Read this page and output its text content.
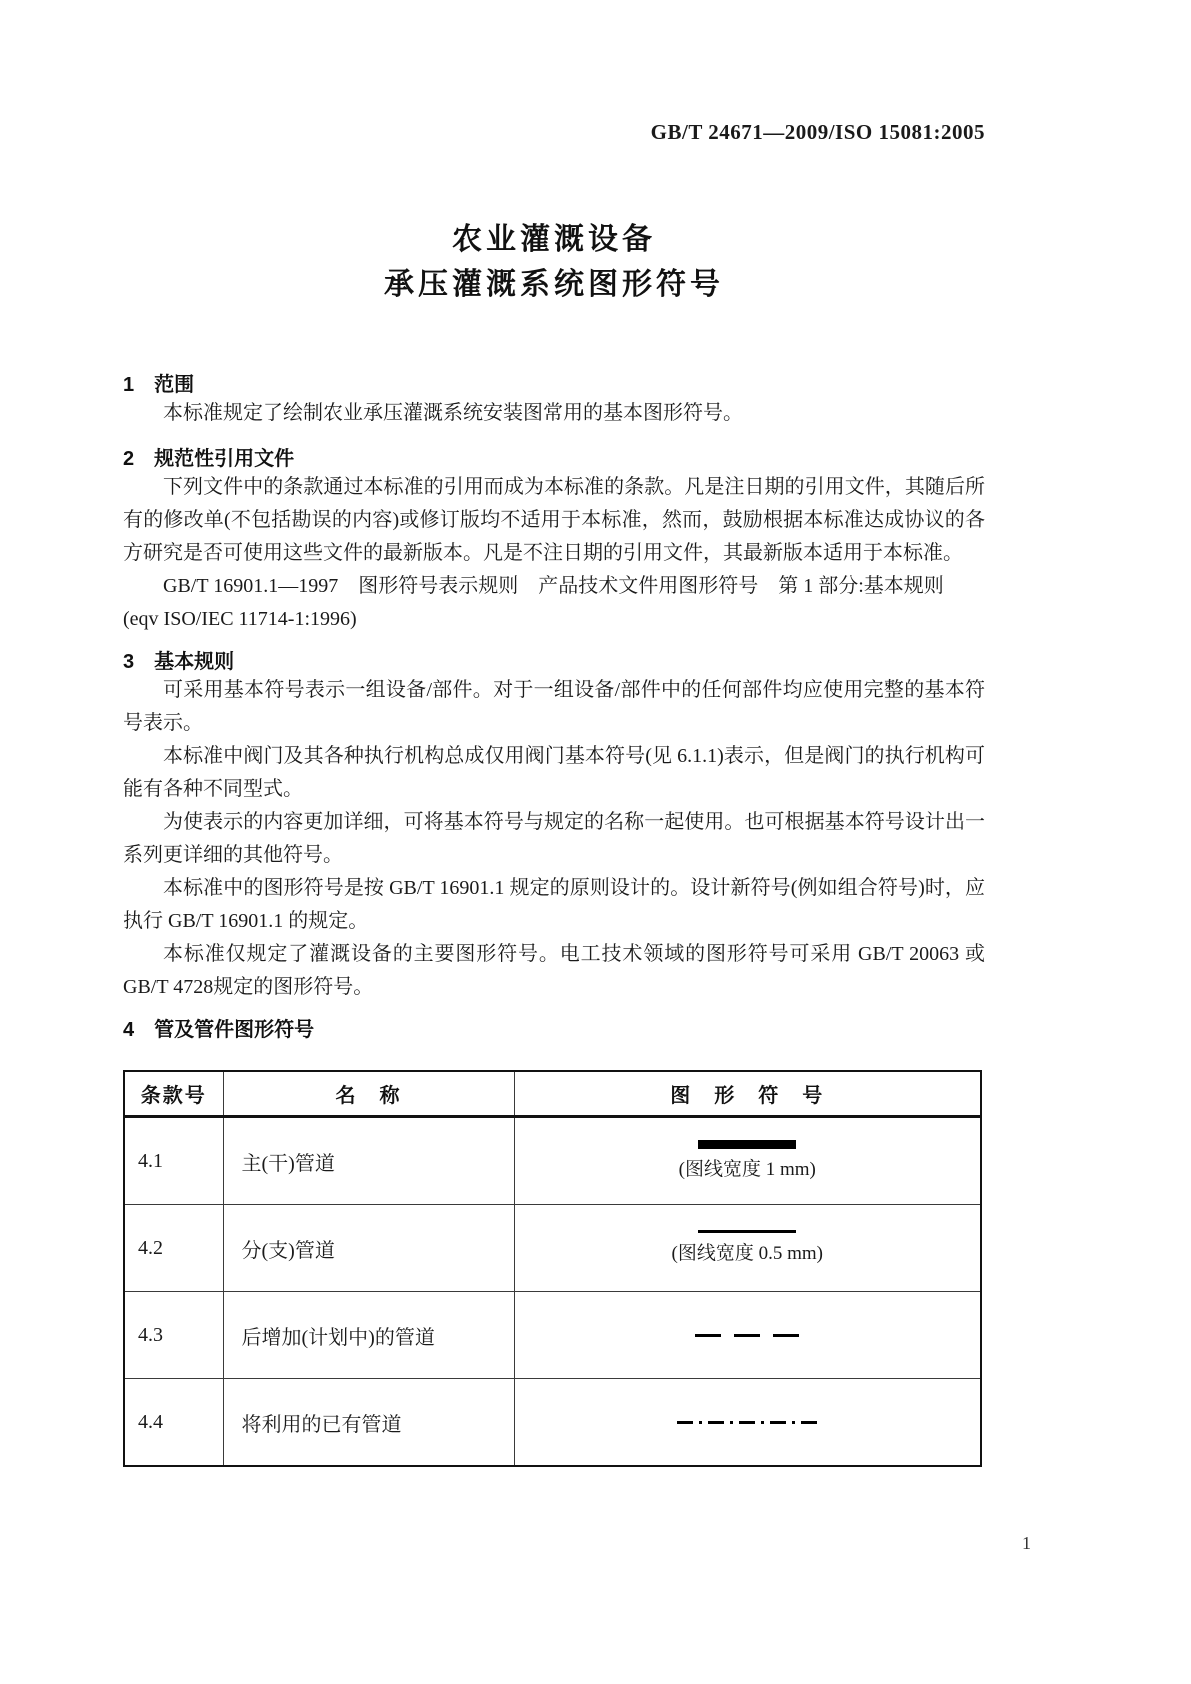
GB/T 24671—2009/ISO 15081:2005
农业灌溉设备
承压灌溉系统图形符号
1 范围

本标准规定了绘制农业承压灌溉系统安装图常用的基本图形符号。

2 规范性引用文件

下列文件中的条款通过本标准的引用而成为本标准的条款。凡是注日期的引用文件，其随后所有的修改单(不包括勘误的内容)或修订版均不适用于本标准，然而，鼓励根据本标准达成协议的各方研究是否可使用这些文件的最新版本。凡是不注日期的引用文件，其最新版本适用于本标准。

GB/T 16901.1—1997　图形符号表示规则　产品技术文件用图形符号　第 1 部分:基本规则

(eqv ISO/IEC 11714-1:1996)

3 基本规则

可采用基本符号表示一组设备/部件。对于一组设备/部件中的任何部件均应使用完整的基本符号表示。

本标准中阀门及其各种执行机构总成仅用阀门基本符号(见 6.1.1)表示，但是阀门的执行机构可能有各种不同型式。

为使表示的内容更加详细，可将基本符号与规定的名称一起使用。也可根据基本符号设计出一系列更详细的其他符号。

本标准中的图形符号是按 GB/T 16901.1 规定的原则设计的。设计新符号(例如组合符号)时，应执行 GB/T 16901.1 的规定。

本标准仅规定了灌溉设备的主要图形符号。电工技术领域的图形符号可采用 GB/T 20063 或 GB/T 4728规定的图形符号。

4 管及管件图形符号
条款号	名　称	图　形　符　号
4.1	主(干)管道	(图线宽度 1 mm)

4.2	分(支)管道	(图线宽度 0.5 mm)

4.3	后增加(计划中)的管道	

4.4	将利用的已有管道	
1
